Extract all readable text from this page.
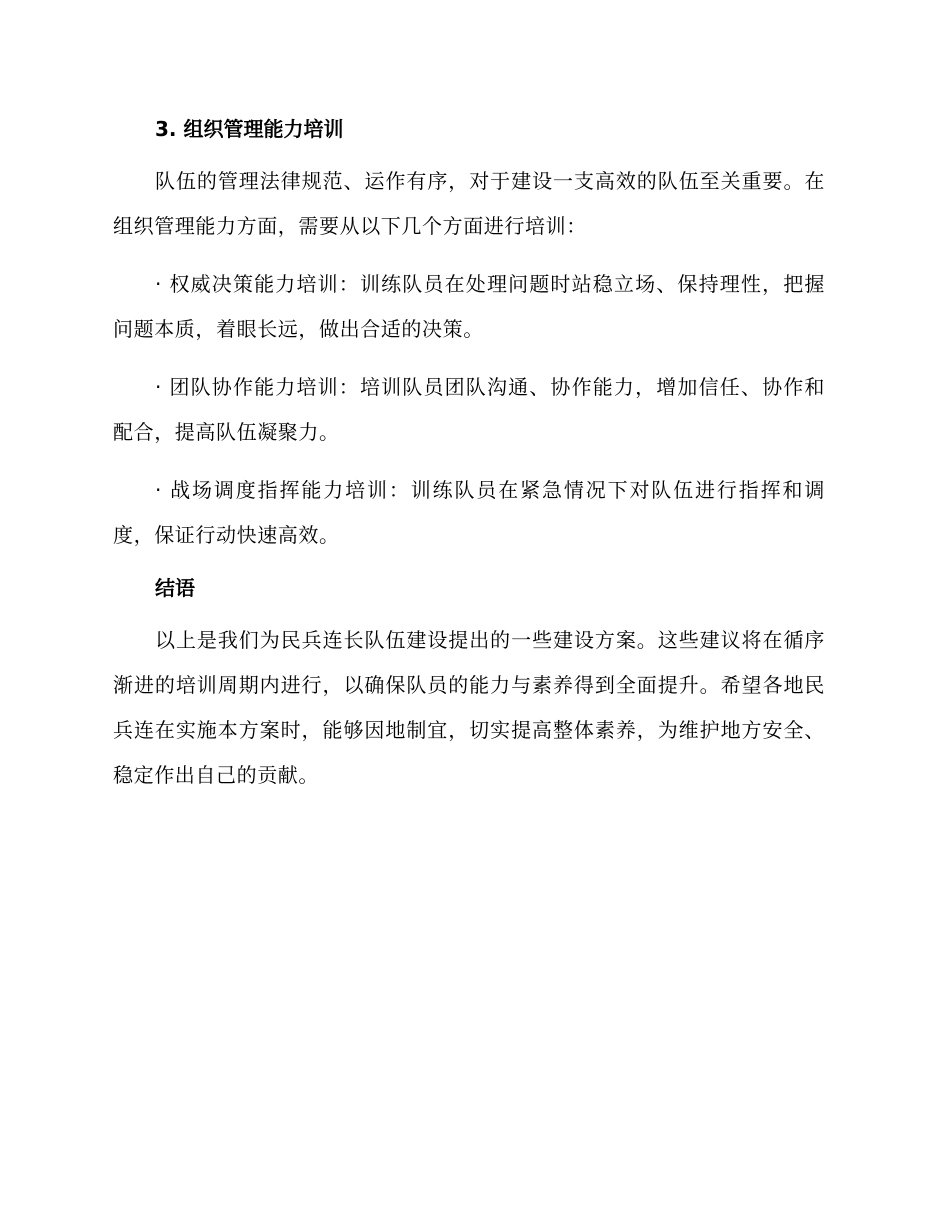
3. 组织管理能力培训

队伍的管理法律规范、运作有序，对于建设一支高效的队伍至关重要。在组织管理能力方面，需要从以下几个方面进行培训：

· 权威决策能力培训：训练队员在处理问题时站稳立场、保持理性，把握问题本质，着眼长远，做出合适的决策。

· 团队协作能力培训：培训队员团队沟通、协作能力，增加信任、协作和配合，提高队伍凝聚力。

· 战场调度指挥能力培训：训练队员在紧急情况下对队伍进行指挥和调度，保证行动快速高效。

结语

以上是我们为民兵连长队伍建设提出的一些建设方案。这些建议将在循序渐进的培训周期内进行，以确保队员的能力与素养得到全面提升。希望各地民兵连在实施本方案时，能够因地制宜，切实提高整体素养，为维护地方安全、稳定作出自己的贡献。
